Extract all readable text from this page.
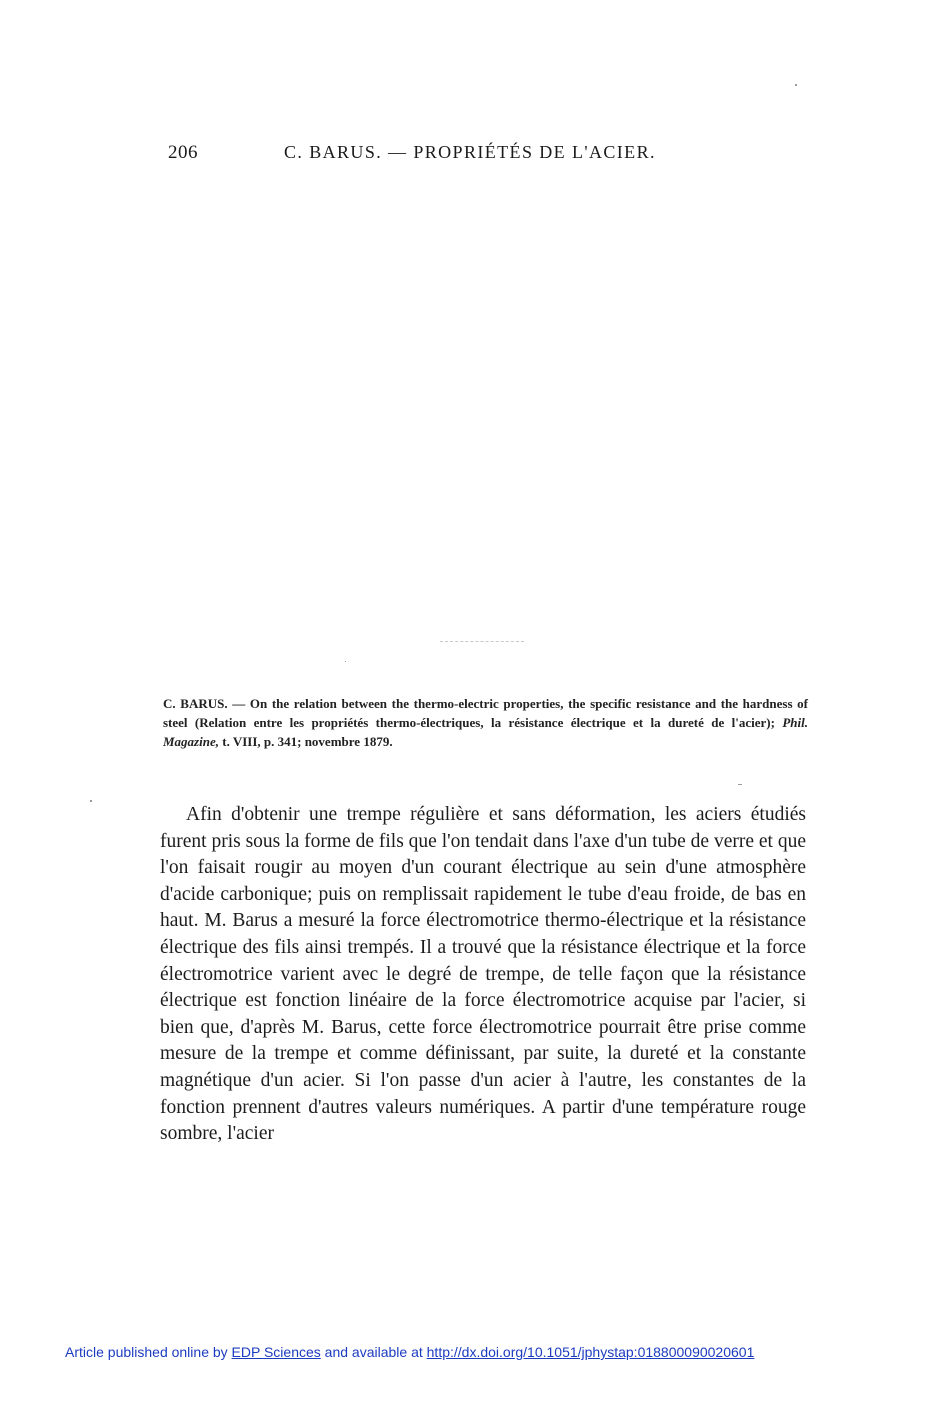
206	C. BARUS. — PROPRIÉTÉS DE L'ACIER.
C. BARUS. — On the relation between the thermo-electric properties, the specific resistance and the hardness of steel (Relation entre les propriétés thermo-électriques, la résistance électrique et la dureté de l'acier); Phil. Magazine, t. VIII, p. 341; novembre 1879.

Afin d'obtenir une trempe régulière et sans déformation, les aciers étudiés furent pris sous la forme de fils que l'on tendait dans l'axe d'un tube de verre et que l'on faisait rougir au moyen d'un courant électrique au sein d'une atmosphère d'acide carbonique; puis on remplissait rapidement le tube d'eau froide, de bas en haut. M. Barus a mesuré la force électromotrice thermo-électrique et la résistance électrique des fils ainsi trempés. Il a trouvé que la résistance électrique et la force électromotrice varient avec le degré de trempe, de telle façon que la résistance électrique est fonction linéaire de la force électromotrice acquise par l'acier, si bien que, d'après M. Barus, cette force électromotrice pourrait être prise comme mesure de la trempe et comme définissant, par suite, la dureté et la constante magnétique d'un acier. Si l'on passe d'un acier à l'autre, les constantes de la fonction prennent d'autres valeurs numériques. A partir d'une température rouge sombre, l'acier

Article published online by EDP Sciences and available at http://dx.doi.org/10.1051/jphystap:018800090020601
